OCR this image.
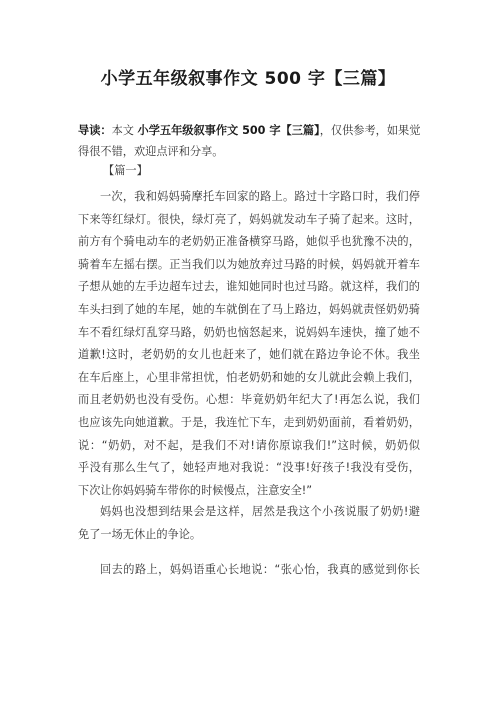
小学五年级叙事作文 500 字【三篇】
导读：本文 小学五年级叙事作文 500 字【三篇】，仅供参考，如果觉
得很不错，欢迎点评和分享。
【篇一】
一次，我和妈妈骑摩托车回家的路上。路过十字路口时，我们停
下来等红绿灯。很快，绿灯亮了，妈妈就发动车子骑了起来。这时，
前方有个骑电动车的老奶奶正准备横穿马路，她似乎也犹豫不决的，
骑着车左摇右摆。正当我们以为她放弃过马路的时候，妈妈就开着车
子想从她的左手边超车过去，谁知她同时也过马路。就这样，我们的
车头扫到了她的车尾，她的车就倒在了马上路边，妈妈就责怪奶奶骑
车不看红绿灯乱穿马路，奶奶也恼怒起来，说妈妈车速快，撞了她不
道歉!这时，老奶奶的女儿也赶来了，她们就在路边争论不休。我坐
在车后座上，心里非常担忧，怕老奶奶和她的女儿就此会赖上我们，
而且老奶奶也没有受伤。心想：毕竟奶奶年纪大了!再怎么说，我们
也应该先向她道歉。于是，我连忙下车，走到奶奶面前，看着奶奶，
说：“奶奶，对不起，是我们不对!请你原谅我们!”这时候，奶奶似
乎没有那么生气了，她轻声地对我说：“没事!好孩子!我没有受伤，
下次让你妈妈骑车带你的时候慢点，注意安全!”
妈妈也没想到结果会是这样，居然是我这个小孩说服了奶奶!避
免了一场无休止的争论。
回去的路上，妈妈语重心长地说：“张心怡，我真的感觉到你长
